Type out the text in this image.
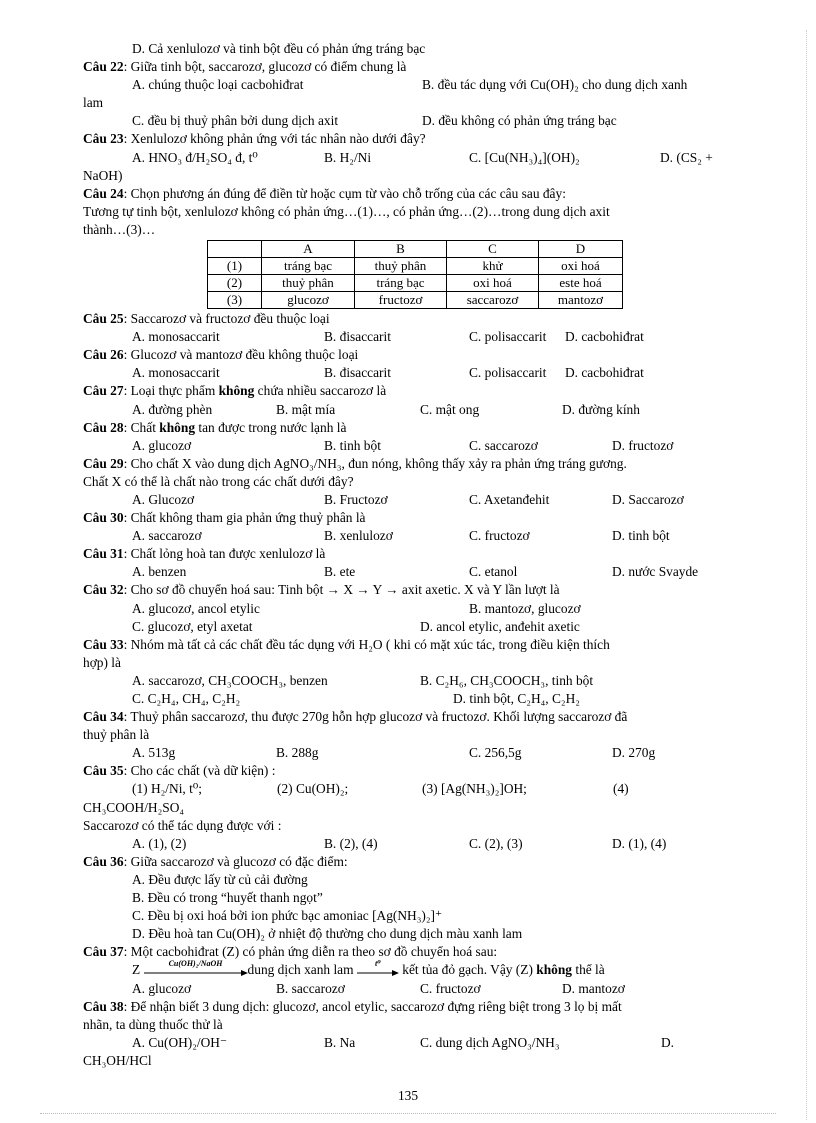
D. Cả xenlulozơ và tinh bột đều có phản ứng tráng bạc
Câu 22: Giữa tinh bột, saccarozơ, glucozơ có điểm chung là
A. chúng thuộc loại cacbohiđrat	B. đều tác dụng với Cu(OH)₂ cho dung dịch xanh
lam
C. đều bị thuỷ phân bởi dung dịch axit	D. đều không có phản ứng tráng bạc
Câu 23: Xenlulozơ không phản ứng với tác nhân nào dưới đây?
A. HNO₃ đ/H₂SO₄ đ, t⁰	B. H₂/Ni	C. [Cu(NH₃)₄](OH)₂	D. (CS₂ +
NaOH)
Câu 24: Chọn phương án đúng để điền từ hoặc cụm từ vào chỗ trống của các câu sau đây:
Tương tự tinh bột, xenlulozơ không có phản ứng…(1)…, có phản ứng…(2)…trong dung dịch axit
thành…(3)…
	A	B	C	D
(1)	tráng bạc	thuỷ phân	khử	oxi hoá
(2)	thuỷ phân	tráng bạc	oxi hoá	este hoá
(3)	glucozơ	fructozơ	saccarozơ	mantozơ
Câu 25: Saccarozơ và fructozơ đều thuộc loại
A. monosaccarit	B. đisaccarit	C. polisaccarit	D. cacbohiđrat
Câu 26: Glucozơ và mantozơ đều không thuộc loại
A. monosaccarit	B. đisaccarit	C. polisaccarit	D. cacbohiđrat
Câu 27: Loại thực phẩm không chứa nhiều saccarozơ là
A. đường phèn	B. mật mía	C. mật ong	D. đường kính
Câu 28: Chất không tan được trong nước lạnh là
A. glucozơ	B. tinh bột	C. saccarozơ	D. fructozơ
Câu 29: Cho chất X vào dung dịch AgNO₃/NH₃, đun nóng, không thấy xảy ra phản ứng tráng gương.
Chất X có thể là chất nào trong các chất dưới đây?
A. Glucozơ	B. Fructozơ	C. Axetanđehit	D. Saccarozơ
Câu 30: Chất không tham gia phản ứng thuỷ phân là
A. saccarozơ	B. xenlulozơ	C. fructozơ	D. tinh bột
Câu 31: Chất lỏng hoà tan được xenlulozơ là
A. benzen	B. ete	C. etanol	D. nước Svayde
Câu 32: Cho sơ đồ chuyển hoá sau: Tinh bột → X → Y → axit axetic. X và Y lần lượt là
A. glucozơ, ancol etylic	B. mantozơ, glucozơ
C. glucozơ, etyl axetat	D. ancol etylic, anđehit axetic
Câu 33: Nhóm mà tất cả các chất đều tác dụng với H₂O ( khi có mặt xúc tác, trong điều kiện thích
hợp) là
A. saccarozơ, CH₃COOCH₃, benzen	B. C₂H₆, CH₃COOCH₃, tinh bột
C. C₂H₄, CH₄, C₂H₂	D. tinh bột, C₂H₄, C₂H₂
Câu 34: Thuỷ phân saccarozơ, thu được 270g hỗn hợp glucozơ và fructozơ. Khối lượng saccarozơ đã
thuỷ phân là
A. 513g	B. 288g	C. 256,5g	D. 270g
Câu 35: Cho các chất (và dữ kiện) :
(1) H₂/Ni, t⁰;	(2) Cu(OH)₂;	(3) [Ag(NH₃)₂]OH;	(4)
CH₃COOH/H₂SO₄
Saccarozơ có thể tác dụng được với :
A. (1), (2)	B. (2), (4)	C. (2), (3)	D. (1), (4)
Câu 36: Giữa saccarozơ và glucozơ có đặc điểm:
A. Đều được lấy từ củ cải đường
B. Đều có trong “huyết thanh ngọt”
C. Đều bị oxi hoá bởi ion phức bạc amoniac [Ag(NH₃)₂]⁺
D. Đều hoà tan Cu(OH)₂ ở nhiệt độ thường cho dung dịch màu xanh lam
Câu 37: Một cacbohiđrat (Z) có phản ứng diễn ra theo sơ đồ chuyển hoá sau:
Z	Cu(OH)₂/NaOH	dung dịch xanh lam	t⁰	kết tủa đỏ gạch. Vậy (Z) không thể là
A. glucozơ	B. saccarozơ	C. fructozơ	D. mantozơ
Câu 38: Để nhận biết 3 dung dịch: glucozơ, ancol etylic, saccarozơ đựng riêng biệt trong 3 lọ bị mất
nhãn, ta dùng thuốc thử là
A. Cu(OH)₂/OH⁻	B. Na	C. dung dịch AgNO₃/NH₃	D.
CH₃OH/HCl
135
